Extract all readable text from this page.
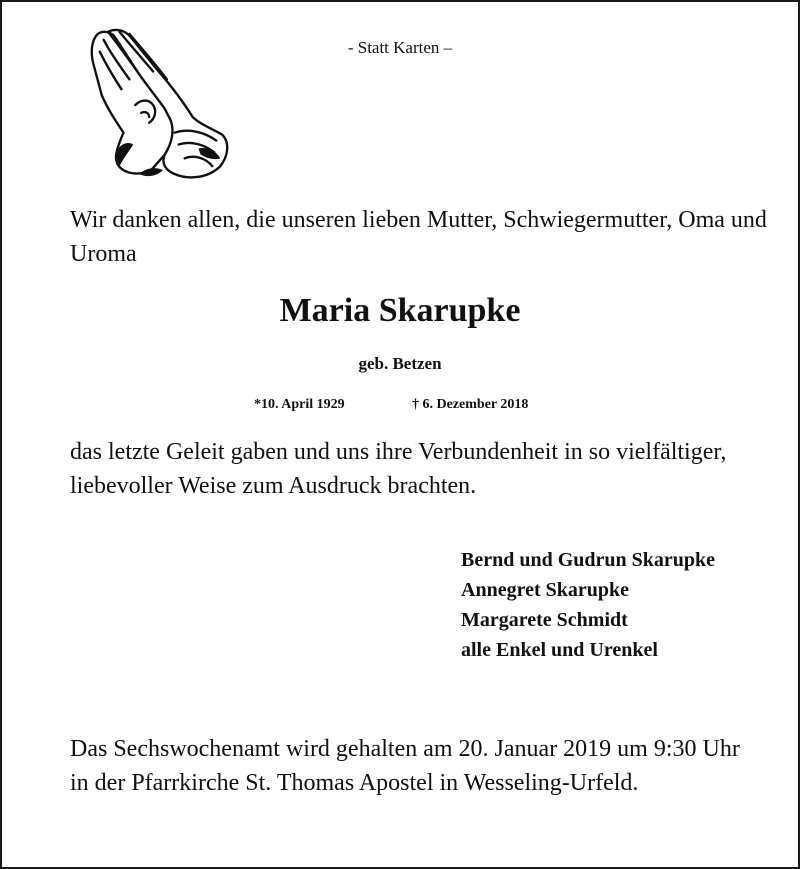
- Statt Karten –

Wir danken allen, die unseren lieben Mutter, Schwiegermutter, Oma und Uroma

Maria Skarupke
geb. Betzen
*10. April 1929	† 6. Dezember 2018

das letzte Geleit gaben und uns ihre Verbundenheit in so vielfältiger, liebevoller Weise zum Ausdruck brachten.

Bernd und Gudrun Skarupke
Annegret Skarupke
Margarete Schmidt
alle Enkel und Urenkel

Das Sechswochenamt wird gehalten am 20. Januar 2019 um 9:30 Uhr in der Pfarrkirche St. Thomas Apostel in Wesseling-Urfeld.
